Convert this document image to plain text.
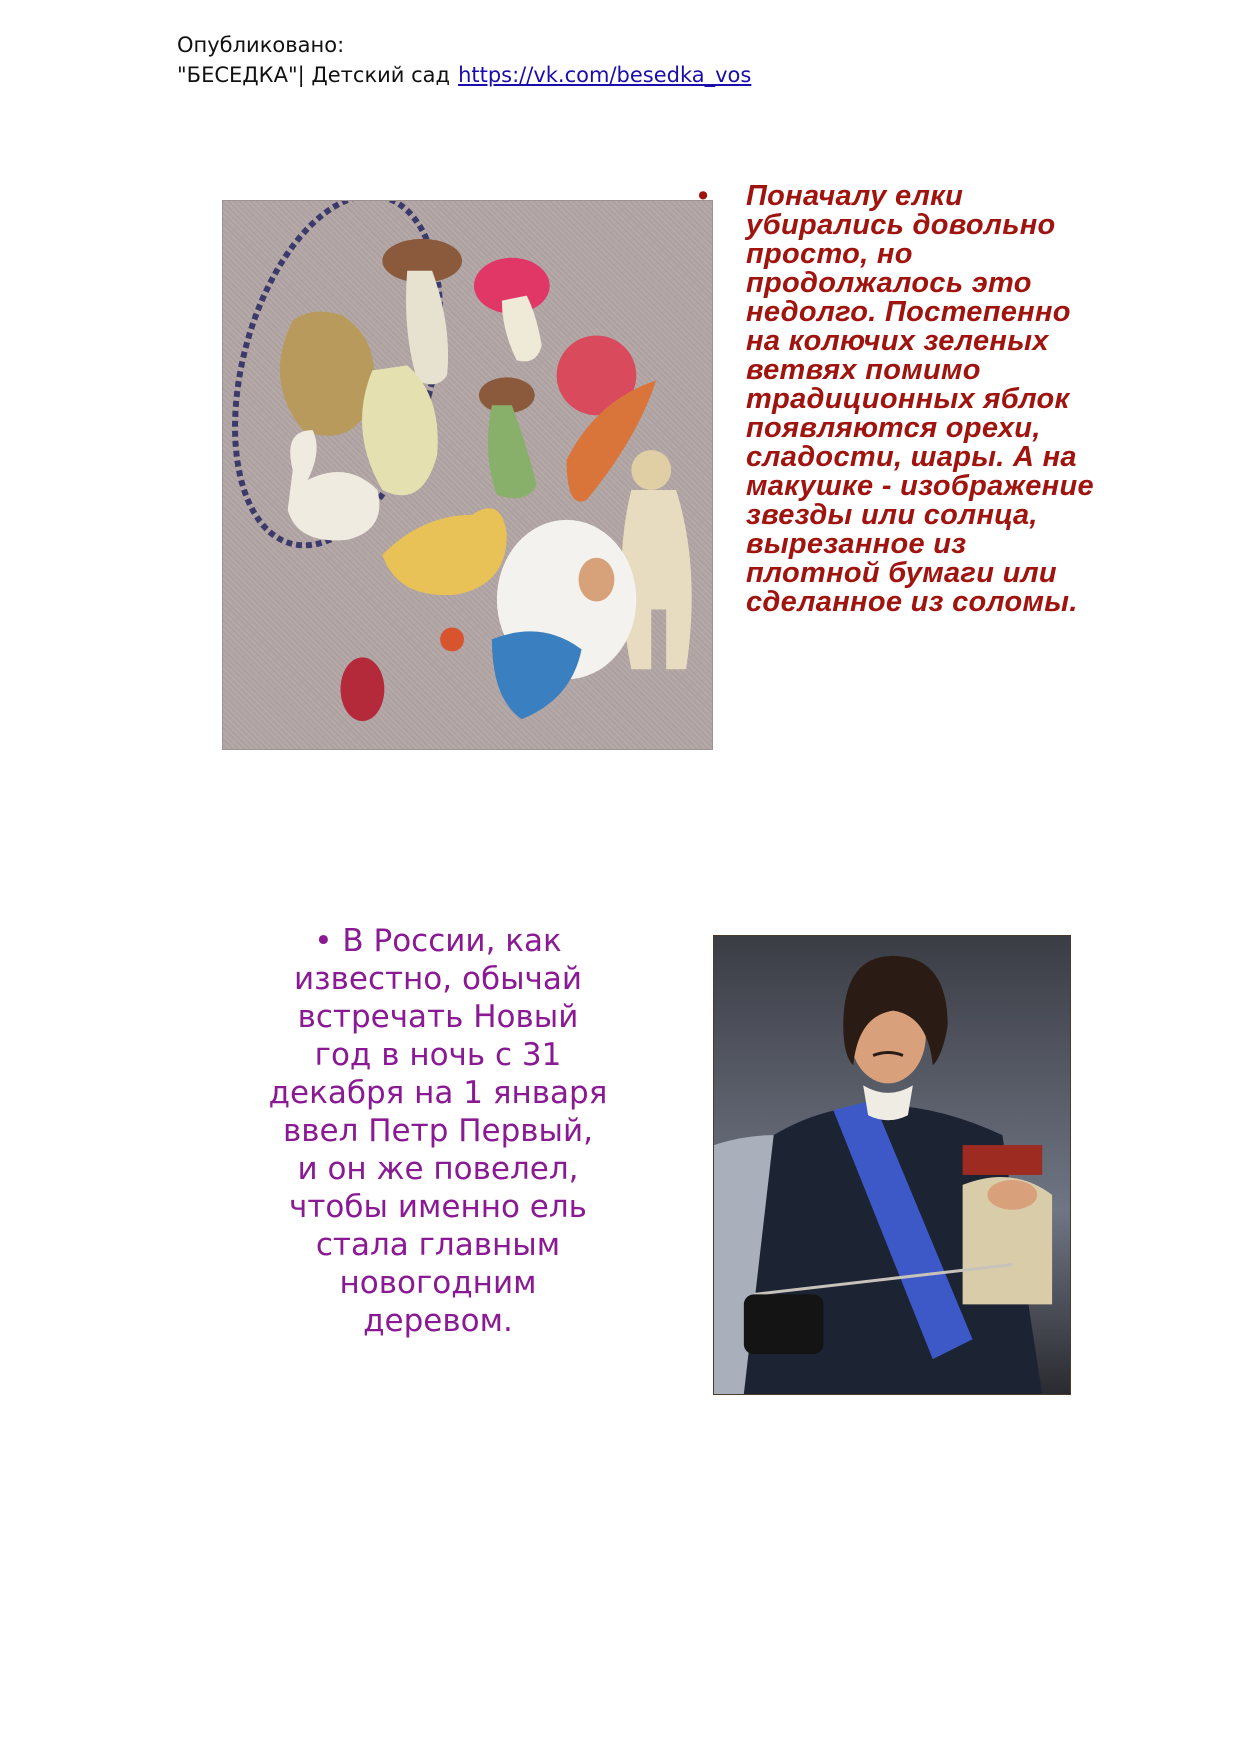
Опубликовано:
"БЕСЕДКА"| Детский сад https://vk.com/besedka_vos
• Поначалу елки убирались довольно просто, но продолжалось это недолго. Постепенно на колючих зеленых ветвях помимо традиционных яблок появляются орехи, сладости, шары. А на макушке - изображение звезды или солнца, вырезанное из плотной бумаги или сделанное из соломы.
• В России, как известно, обычай встречать Новый год в ночь с 31 декабря на 1 января ввел Петр Первый, и он же повелел, чтобы именно ель стала главным новогодним деревом.
